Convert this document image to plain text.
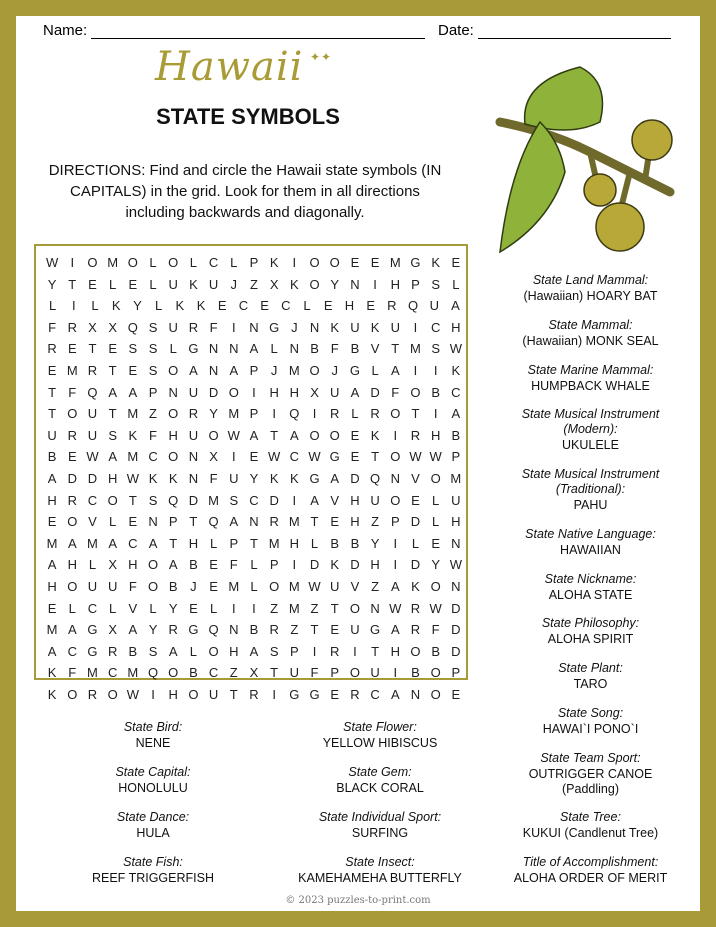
Name:	Date:
Hawaii ✦✦
STATE SYMBOLS
DIRECTIONS: Find and circle the Hawaii state symbols (IN CAPITALS) in the grid. Look for them in all directions including backwards and diagonally.
W I	O M O L O L C L P K	I	O O E E M G K E
Y T E L E L U K U J Z X K O Y N	I	H P S L
L	I	L	K Y	L	K K E C E C L	E H E R Q U A
F R X X Q S U R F	I	N G J N K U K U	I	C H
R E T E S S L G N N A L N B F B V T M S W
E M R T E S O A N A P J M O J G L A	I	I	K
T F Q A A P N U D O	I	H H X U A D F O B C
T O U T M Z O R Y M P	I	Q	I	R L R O T	I	A
U R U S K F H U O W A T A O O E K	I	R H B
B E W A M C O N X	I	E W C W G E T O W W P
A D D H W K K N F U Y K K G A D Q N V O M
H R C O T S Q D M S C D	I	A V H U O E L U
E O V L E N P T Q A N R M T E H Z P D L H
M A M A C A T H L P T M H L B B Y	I	L E N
A H L X H O A B E F L P	I	D K D H	I	D Y W
H O U U F O B J E M L O M W U V Z A K O N
E L C L V L Y E L	I	I	Z M Z T O N W R W D
M A G X A Y R G Q N B R Z T E U G A R F D
A C G R B S A L O H A S P	I	R	I	T H O B D
K F M C M Q O B C Z X T U F P O U	I	B O P
K O R O W I	H O U T R	I	G G E R C A N O E
State Land Mammal:
(Hawaiian) HOARY BAT
State Mammal:
(Hawaiian) MONK SEAL
State Marine Mammal:
HUMPBACK WHALE
State Musical Instrument (Modern):
UKULELE
State Musical Instrument (Traditional):
PAHU
State Native Language:
HAWAIIAN
State Nickname:
ALOHA STATE
State Philosophy:
ALOHA SPIRIT
State Plant:
TARO
State Song:
HAWAI`I PONO`I
State Team Sport:
OUTRIGGER CANOE (Paddling)
State Tree:
KUKUI (Candlenut Tree)
Title of Accomplishment:
ALOHA ORDER OF MERIT
State Bird:
NENE
State Capital:
HONOLULU
State Dance:
HULA
State Fish:
REEF TRIGGERFISH
State Flower:
YELLOW HIBISCUS
State Gem:
BLACK CORAL
State Individual Sport:
SURFING
State Insect:
KAMEHAMEHA BUTTERFLY
© 2023 puzzles-to-print.com
